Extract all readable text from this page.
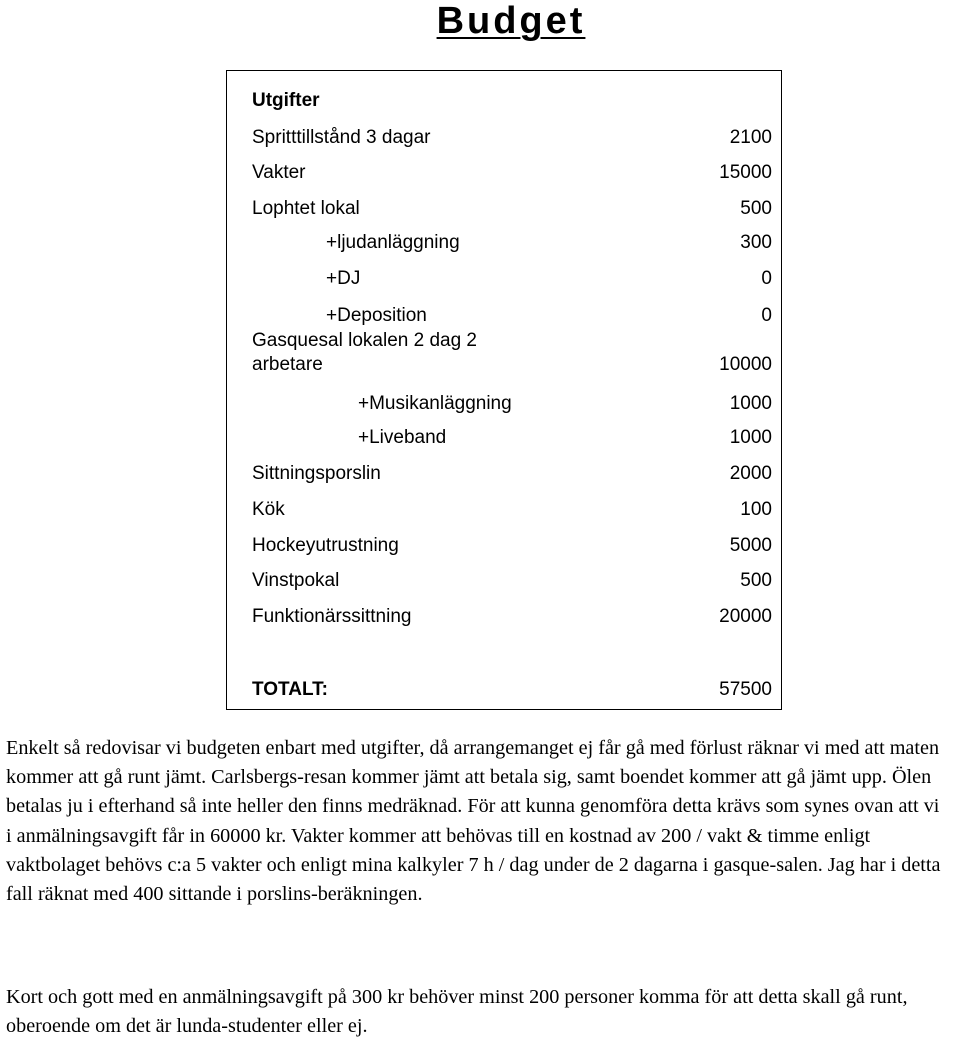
Budget
Utgifter
Spritttillstånd 3 dagar	2100
Vakter	15000
Lophtet lokal	500
+ljudanläggning	300
+DJ	0
+Deposition	0
Gasquesal lokalen 2 dag 2
arbetare	10000
+Musikanläggning	1000
+Liveband	1000
Sittningsporslin	2000
Kök	100
Hockeyutrustning	5000
Vinstpokal	500
Funktionärssittning	20000
TOTALT:	57500

Enkelt så redovisar vi budgeten enbart med utgifter, då arrangemanget ej får gå med förlust räknar vi med att maten kommer att gå runt jämt. Carlsbergs-resan kommer jämt att betala sig, samt boendet kommer att gå jämt upp. Ölen betalas ju i efterhand så inte heller den finns medräknad. För att kunna genomföra detta krävs som synes ovan att vi i anmälningsavgift får in 60000 kr. Vakter kommer att behövas till en kostnad av 200 / vakt & timme enligt vaktbolaget behövs c:a 5 vakter och enligt mina kalkyler 7 h / dag under de 2 dagarna i gasque-salen. Jag har i detta fall räknat med 400 sittande i porslins-beräkningen.

Kort och gott med en anmälningsavgift på 300 kr behöver minst 200 personer komma för att detta skall gå runt, oberoende om det är lunda-studenter eller ej.
